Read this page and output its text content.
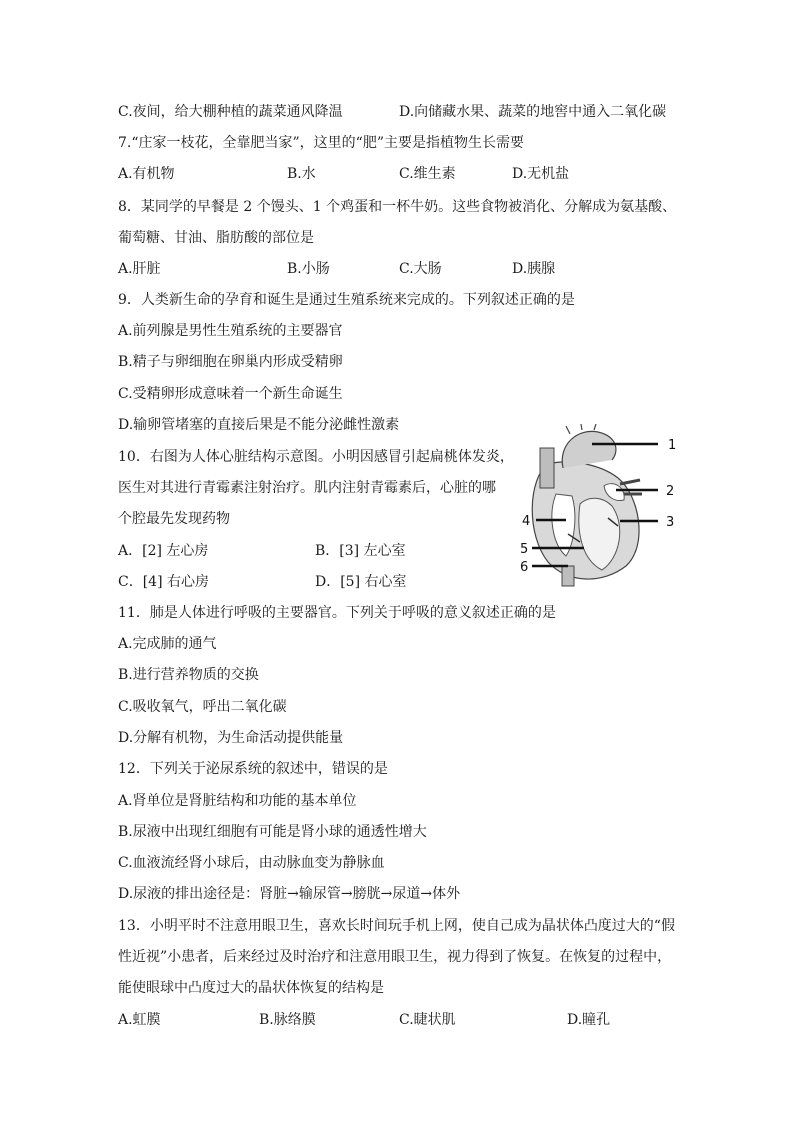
C.夜间，给大棚种植的蔬菜通风降温	D.向储藏水果、蔬菜的地窖中通入二氧化碳
7.“庄家一枝花，全靠肥当家”，这里的“肥”主要是指植物生长需要
A.有机物	B.水	C.维生素	D.无机盐
8．某同学的早餐是 2 个馒头、1 个鸡蛋和一杯牛奶。这些食物被消化、分解成为氨基酸、
葡萄糖、甘油、脂肪酸的部位是
A.肝脏	B.小肠	C.大肠	D.胰腺
9．人类新生命的孕育和诞生是通过生殖系统来完成的。下列叙述正确的是
A.前列腺是男性生殖系统的主要器官
B.精子与卵细胞在卵巢内形成受精卵
C.受精卵形成意味着一个新生命诞生
D.输卵管堵塞的直接后果是不能分泌雌性激素
10．右图为人体心脏结构示意图。小明因感冒引起扁桃体发炎，
医生对其进行青霉素注射治疗。肌内注射青霉素后，心脏的哪
个腔最先发现药物
A．[2] 左心房	B．[3] 左心室
C．[4] 右心房	D．[5] 右心室
1
2
3
4
5
6
11．肺是人体进行呼吸的主要器官。下列关于呼吸的意义叙述正确的是
A.完成肺的通气
B.进行营养物质的交换
C.吸收氧气，呼出二氧化碳
D.分解有机物，为生命活动提供能量
12．下列关于泌尿系统的叙述中，错误的是
A.肾单位是肾脏结构和功能的基本单位
B.尿液中出现红细胞有可能是肾小球的通透性增大
C.血液流经肾小球后，由动脉血变为静脉血
D.尿液的排出途径是：肾脏→输尿管→膀胱→尿道→体外
13．小明平时不注意用眼卫生，喜欢长时间玩手机上网，使自己成为晶状体凸度过大的“假
性近视”小患者，后来经过及时治疗和注意用眼卫生，视力得到了恢复。在恢复的过程中，
能使眼球中凸度过大的晶状体恢复的结构是
A.虹膜	B.脉络膜	C.睫状肌	D.瞳孔
